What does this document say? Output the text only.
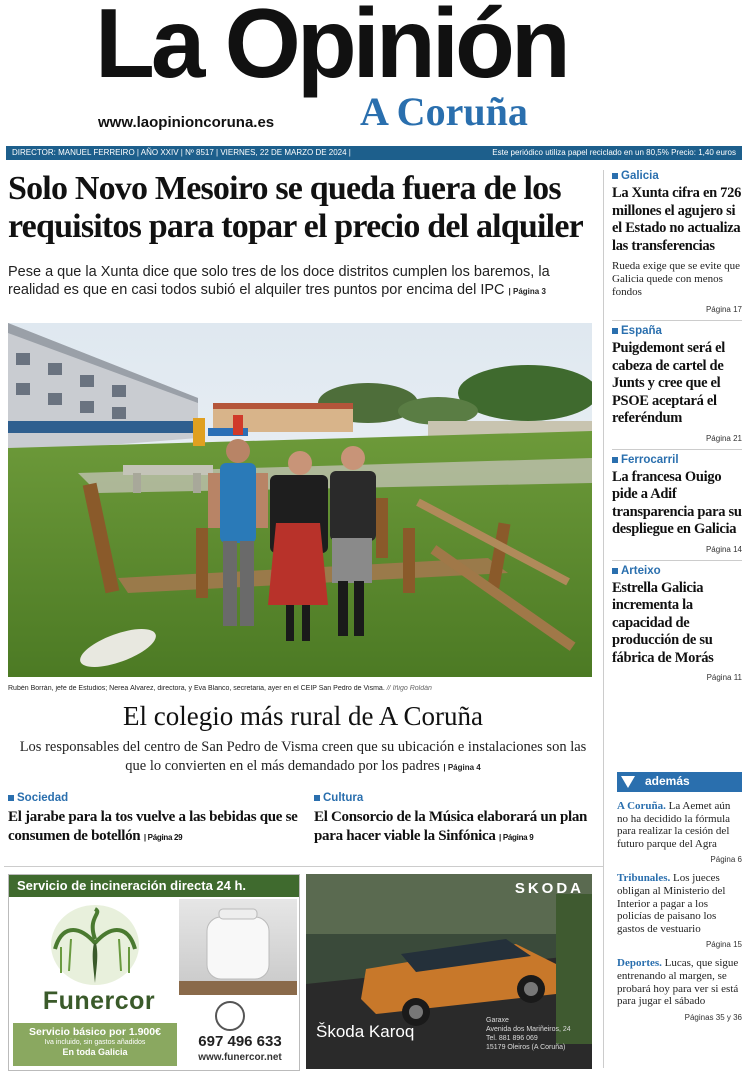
La Opinión
A Coruña
www.laopinioncoruna.es
DIRECTOR: MANUEL FERREIRO | AÑO XXIV | Nº 8517 | VIERNES, 22 DE MARZO DE 2024 |	Este periódico utiliza papel reciclado en un 80,5% Precio: 1,40 euros
Solo Novo Mesoiro se queda fuera de los requisitos para topar el precio del alquiler
Pese a que la Xunta dice que solo tres de los doce distritos cumplen los baremos, la realidad es que en casi todos subió el alquiler tres puntos por encima del IPC | Página 3
Rubén Borrán, jefe de Estudios; Nerea Álvarez, directora, y Eva Blanco, secretaria, ayer en el CEIP San Pedro de Visma. // Iñigo Roldán
El colegio más rural de A Coruña
Los responsables del centro de San Pedro de Visma creen que su ubicación e instalaciones son las que lo convierten en el más demandado por los padres | Página 4
Sociedad
El jarabe para la tos vuelve a las bebidas que se consumen de botellón | Página 29
Cultura
El Consorcio de la Música elaborará un plan para hacer viable la Sinfónica | Página 9
Servicio de incineración directa 24 h.
Funercor
Servicio básico por 1.900€
Iva incluido, sin gastos añadidos
En toda Galicia
697 496 633
www.funercor.net
SKODA
Škoda Karoq
Garaxe
Avenida dos Mariñeiros, 24
Tel. 881 896 069
15179 Oleiros (A Coruña)
Galicia
La Xunta cifra en 726 millones el agujero si el Estado no actualiza las transferencias
Rueda exige que se evite que Galicia quede con menos fondos
Página 17
España
Puigdemont será el cabeza de cartel de Junts y cree que el PSOE aceptará el referéndum
Página 21
Ferrocarril
La francesa Ouigo pide a Adif transparencia para su despliegue en Galicia
Página 14
Arteixo
Estrella Galicia incrementa la capacidad de producción de su fábrica de Morás
Página 11
además
A Coruña. La Aemet aún no ha decidido la fórmula para realizar la cesión del futuro parque del Agra
Página 6
Tribunales. Los jueces obligan al Ministerio del Interior a pagar a los policías de paisano los gastos de vestuario
Página 15
Deportes. Lucas, que sigue entrenando al margen, se probará hoy para ver si está para jugar el sábado
Páginas 35 y 36
